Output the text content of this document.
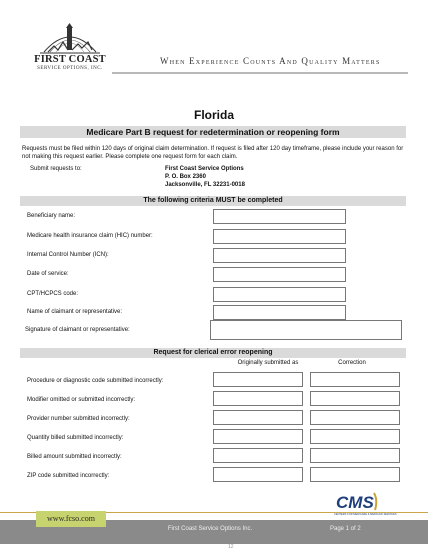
FIRST COAST
SERVICE OPTIONS, INC.
When Experience Counts And Quality Matters
Florida
Medicare Part B request for redetermination or reopening form
Requests must be filed within 120 days of original claim determination. If request is filed after 120 day timeframe, please include your reason for not making this request earlier. Please complete one request form for each claim.
Submit requests to:	First Coast Service Options
P. O. Box 2360
Jacksonville, FL 32231-0018
The following criteria MUST be completed
Beneficiary name:
Medicare health insurance claim (HIC) number:
Internal Control Number (ICN):
Date of service:
CPT/HCPCS code:
Name of claimant or representative:
Signature of claimant or representative:
Request for clerical error reopening
Originally submitted as	Correction
Procedure or diagnostic code submitted incorrectly:
Modifier omitted or submitted incorrectly:
Provider number submitted incorrectly:
Quantity billed submitted incorrectly:
Billed amount submitted incorrectly:
ZIP code submitted incorrectly:
CMS
CENTERS FOR MEDICARE & MEDICAID SERVICES
www.fcso.com
First Coast Service Options Inc.	Page 1 of 2
12
